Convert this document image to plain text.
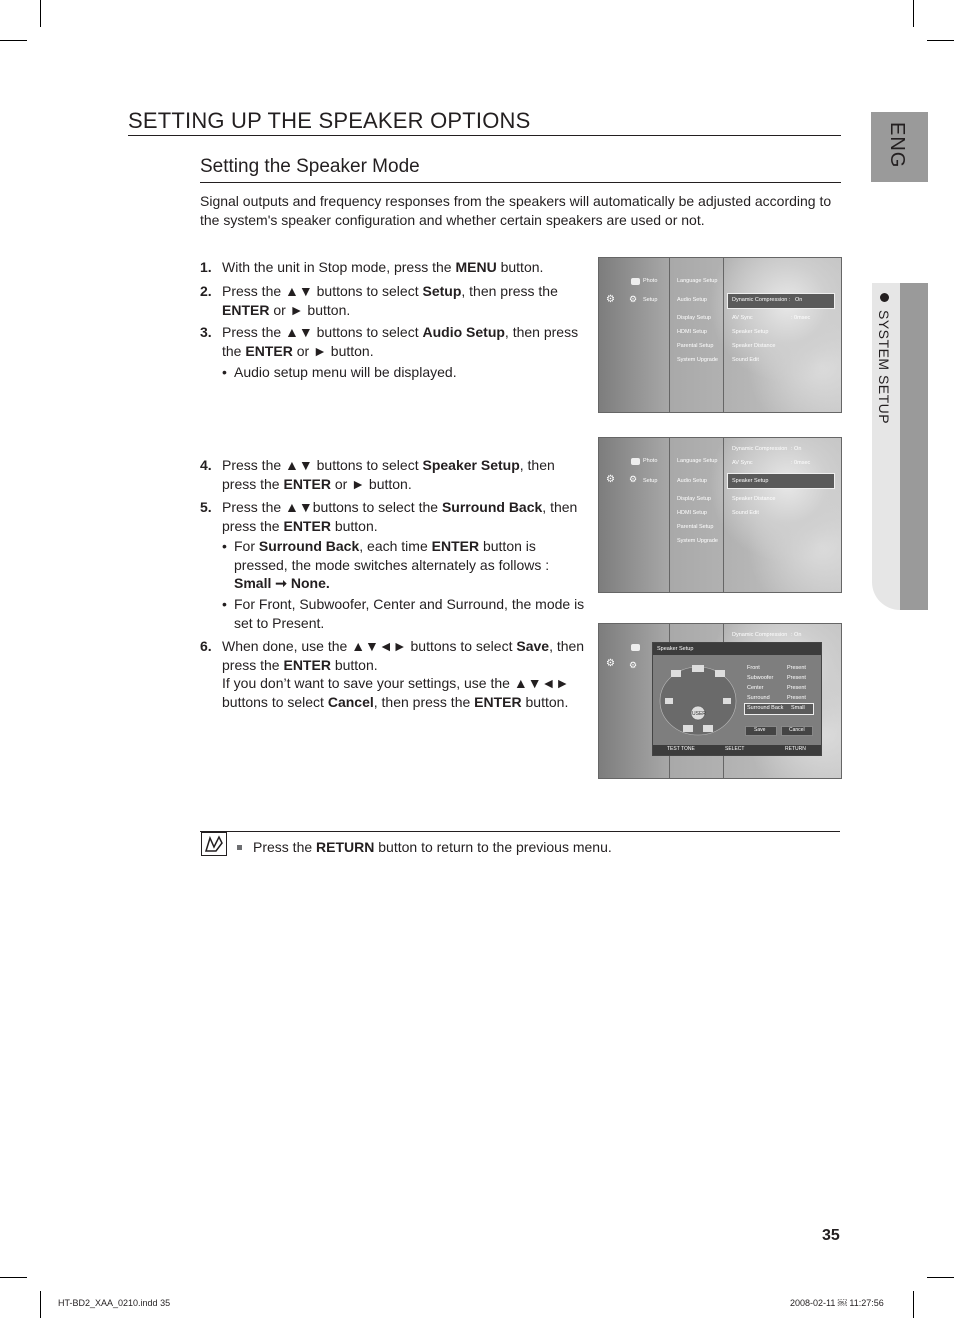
ENG
SYSTEM SETUP
SETTING UP THE SPEAKER OPTIONS
Setting the Speaker Mode
Signal outputs and frequency responses from the speakers will automatically be adjusted according to the system's speaker configuration and whether certain speakers are used or not.
1. With the unit in Stop mode, press the MENU button.
2. Press the ▲▼ buttons to select Setup, then press the
ENTER or ► button.
3. Press the ▲▼ buttons to select Audio Setup, then press
the ENTER or ► button.
• Audio setup menu will be displayed.
4. Press the ▲▼ buttons to select Speaker Setup, then
press the ENTER or ► button.
5. Press the ▲▼buttons to select the Surround Back, then
press the ENTER button.
• For Surround Back, each time ENTER button is
pressed, the mode switches alternately as follows :
Small ➞ None.
• For Front, Subwoofer, Center and Surround, the mode is
set to Present.
6. When done, use the ▲▼◄► buttons to select Save, then
press the ENTER button.
If you don’t want to save your settings, use the ▲▼◄►
buttons to select Cancel, then press the ENTER button.
Photo
⚙ ⚙ Setup
Language Setup
Audio Setup
Display Setup
HDMI Setup
Parental Setup
System Upgrade
Dynamic Compression : On
AV Sync	: 0msec
Speaker Setup
Speaker Distance
Sound Edit
Photo
⚙ ⚙ Setup
Language Setup
Audio Setup
Display Setup
HDMI Setup
Parental Setup
System Upgrade
Dynamic Compression : On
AV Sync	: 0msec
Speaker Setup
Speaker Distance
Sound Edit
⚙ ⚙
Dynamic Compression : On
Speaker Setup
USER
Front	Present
Subwoofer Present
Center	Present
Surround	Present
Surround Back Small
Save	Cancel
TEST TONE	SELECT	RETURN
Press the RETURN button to return to the previous menu.
35
HT-BD2_XAA_0210.indd 35	2008-02-11 ￼ 11:27:56
